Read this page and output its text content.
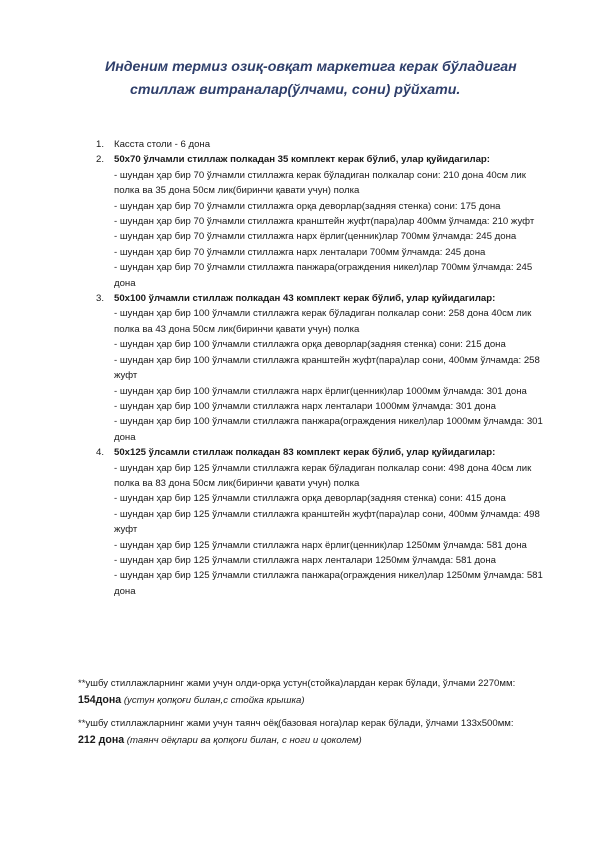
Инденим термиз озиқ-овқат маркетига керак бўладиган
стиллаж витраналар(ўлчами, сони) рўйхати.
1. Касста столи - 6 дона
2. 50х70 ўлчамли стиллаж полкадан 35 комплект керак бўлиб, улар қуйидагилар:
- шундан ҳар бир 70 ўлчамли стиллажга керак бўладиган полкалар сони: 210 дона 40см лик полка ва 35 дона 50см лик(биринчи қавати учун) полка
- шундан ҳар бир 70 ўлчамли стиллажга орқа деворлар(задняя стенка) сони: 175 дона
- шундан ҳар бир 70 ўлчамли стиллажга кранштейн жуфт(пара)лар 400мм ўлчамда: 210 жуфт
- шундан ҳар бир 70 ўлчамли стиллажга нарх ёрлиг(ценник)лар 700мм ўлчамда: 245 дона
- шундан ҳар бир 70 ўлчамли стиллажга нарх ленталари 700мм ўлчамда: 245 дона
- шундан ҳар бир 70 ўлчамли стиллажга панжара(ограждения никел)лар 700мм ўлчамда: 245 дона
3. 50х100 ўлчамли стиллаж полкадан 43 комплект керак бўлиб, улар қуйидагилар:
- шундан ҳар бир 100 ўлчамли стиллажга керак бўладиган полкалар сони: 258 дона 40см лик полка ва 43 дона 50см лик(биринчи қавати учун) полка
- шундан ҳар бир 100 ўлчамли стиллажга орқа деворлар(задняя стенка) сони: 215 дона
- шундан ҳар бир 100 ўлчамли стиллажга кранштейн жуфт(пара)лар сони, 400мм ўлчамда: 258 жуфт
- шундан ҳар бир 100 ўлчамли стиллажга нарх ёрлиг(ценник)лар 1000мм ўлчамда: 301 дона
- шундан ҳар бир 100 ўлчамли стиллажга нарх ленталари 1000мм ўлчамда: 301 дона
- шундан ҳар бир 100 ўлчамли стиллажга панжара(ограждения никел)лар 1000мм ўлчамда: 301 дона
4. 50х125 ўлсамли стиллаж полкадан 83 комплект керак бўлиб, улар қуйидагилар:
- шундан ҳар бир 125 ўлчамли стиллажга керак бўладиган полкалар сони: 498 дона 40см лик полка ва 83 дона 50см лик(биринчи қавати учун) полка
- шундан ҳар бир 125 ўлчамли стиллажга орқа деворлар(задняя стенка) сони: 415 дона
- шундан ҳар бир 125 ўлчамли стиллажга кранштейн жуфт(пара)лар сони, 400мм ўлчамда: 498 жуфт
- шундан ҳар бир 125 ўлчамли стиллажга нарх ёрлиг(ценник)лар 1250мм ўлчамда: 581 дона
- шундан ҳар бир 125 ўлчамли стиллажга нарх ленталари 1250мм ўлчамда: 581 дона
- шундан ҳар бир 125 ўлчамли стиллажга панжара(ограждения никел)лар 1250мм ўлчамда: 581 дона
**ушбу стиллажларнинг жами учун олди-орқа устун(стойка)лардан керак бўлади, ўлчами 2270мм:
154дона (устун қопқоғи билан,с стойка крышка)
**ушбу стиллажларнинг жами учун таянч оёқ(базовая нога)лар керак бўлади, ўлчами 133х500мм:
212 дона (таянч оёқлари ва қопқоғи билан, с ноги и цоколем)
